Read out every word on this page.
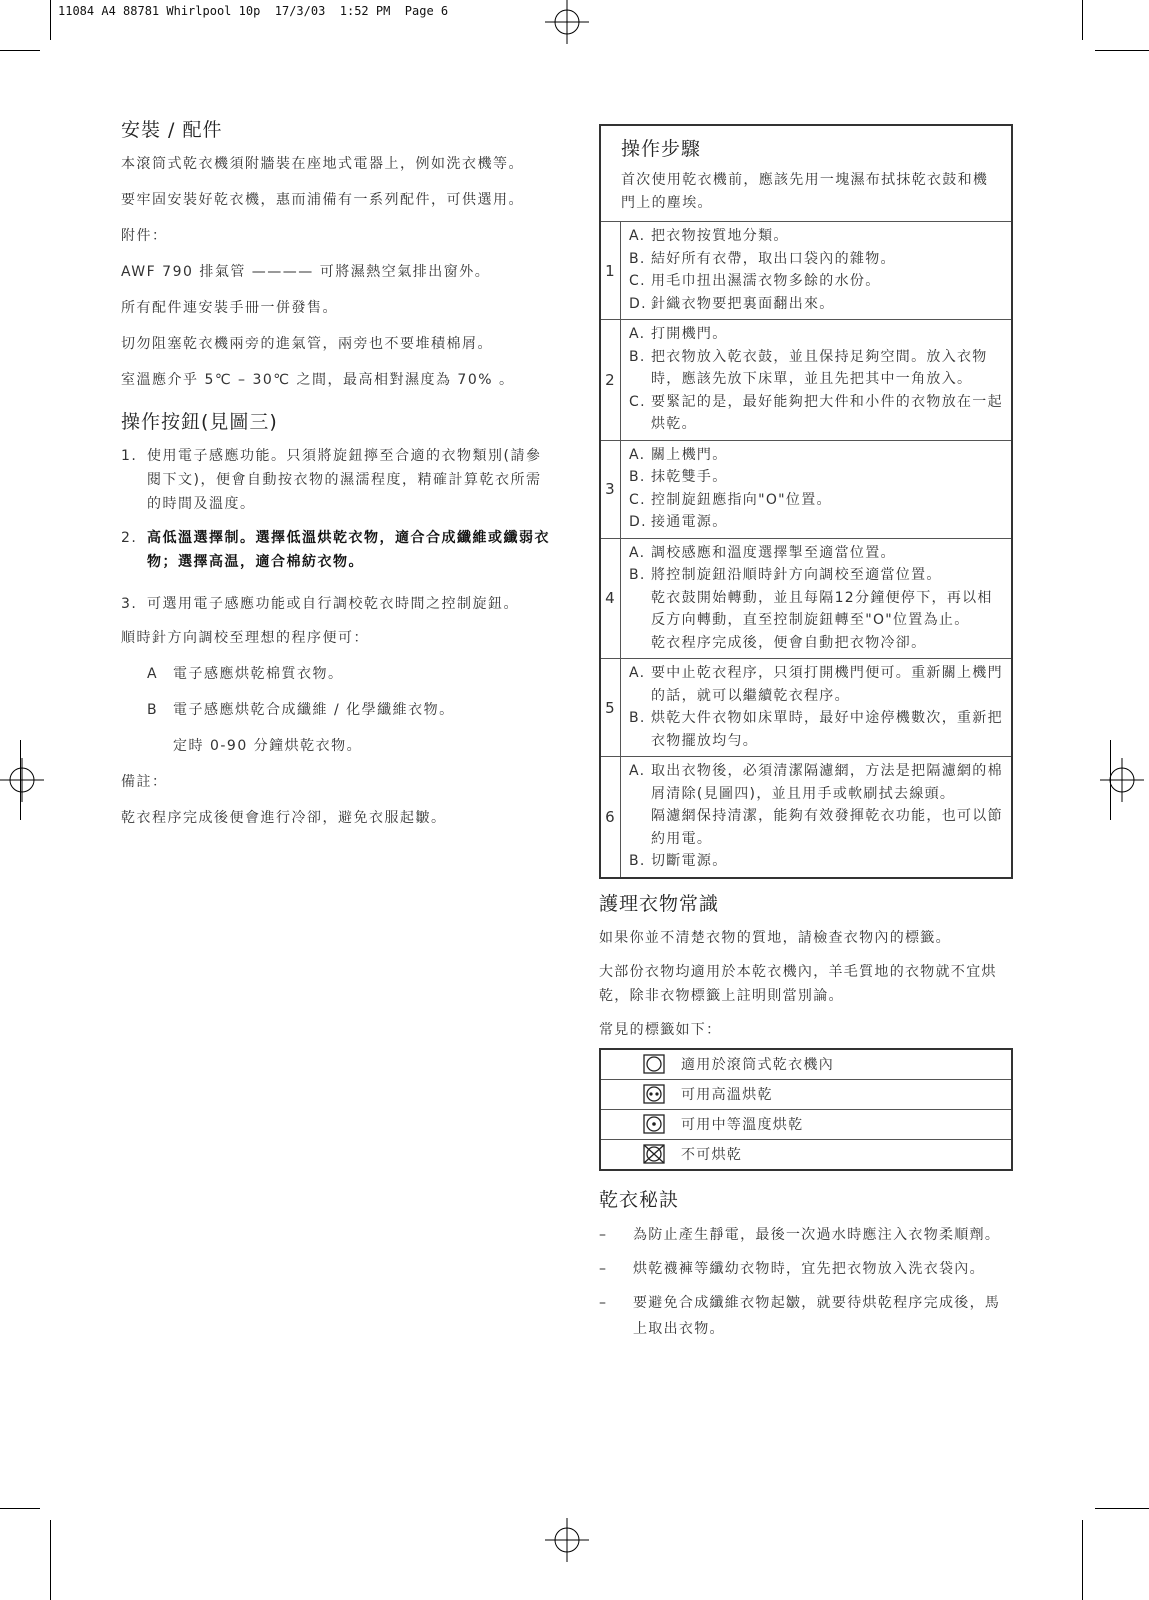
11084 A4 88781 Whirlpool 10p  17/3/03  1:52 PM  Page 6
安裝 / 配件

本滾筒式乾衣機須附牆裝在座地式電器上，例如洗衣機等。

要牢固安裝好乾衣機，惠而浦備有一系列配件，可供選用。

附件：

AWF 790 排氣管 ———— 可將濕熱空氣排出窗外。

所有配件連安裝手冊一併發售。

切勿阻塞乾衣機兩旁的進氣管，兩旁也不要堆積棉屑。

室溫應介乎 5℃ – 30℃ 之間，最高相對濕度為 70% 。

操作按鈕(見圖三)
1. 使用電子感應功能。只須將旋鈕擰至合適的衣物類別(請參閱下文)，便會自動按衣物的濕濡程度，精確計算乾衣所需的時間及溫度。
2. 高低溫選擇制。選擇低溫烘乾衣物，適合合成纖維或纖弱衣物；選擇高温，適合棉紡衣物。
3. 可選用電子感應功能或自行調校乾衣時間之控制旋鈕。

順時針方向調校至理想的程序便可：

A	電子感應烘乾棉質衣物。
B	電子感應烘乾合成纖維 / 化學纖維衣物。

定時 0-90 分鐘烘乾衣物。

備註：

乾衣程序完成後便會進行冷卻，避免衣服起皺。

操作步驟
首次使用乾衣機前，應該先用一塊濕布拭抹乾衣鼓和機門上的塵埃。
1
A. 把衣物按質地分類。
B. 結好所有衣帶，取出口袋內的雜物。
C. 用毛巾扭出濕濡衣物多餘的水份。
D. 針織衣物要把裏面翻出來。
2
A. 打開機門。
B. 把衣物放入乾衣鼓，並且保持足夠空間。放入衣物時，應該先放下床單，並且先把其中一角放入。
C. 要緊記的是，最好能夠把大件和小件的衣物放在一起烘乾。
3
A. 關上機門。
B. 抹乾雙手。
C. 控制旋鈕應指向"O"位置。
D. 接通電源。
4
A. 調校感應和溫度選擇掣至適當位置。
B. 將控制旋鈕沿順時針方向調校至適當位置。
乾衣鼓開始轉動，並且每隔12分鐘便停下，再以相反方向轉動，直至控制旋鈕轉至"O"位置為止。
乾衣程序完成後，便會自動把衣物冷卻。
5
A. 要中止乾衣程序，只須打開機門便可。重新關上機門的話，就可以繼續乾衣程序。
B. 烘乾大件衣物如床單時，最好中途停機數次，重新把衣物擺放均勻。
6
A. 取出衣物後，必須清潔隔濾網，方法是把隔濾網的棉屑清除(見圖四)，並且用手或軟刷拭去線頭。
隔濾網保持清潔，能夠有效發揮乾衣功能，也可以節約用電。
B. 切斷電源。
護理衣物常識

如果你並不清楚衣物的質地，請檢查衣物內的標籤。

大部份衣物均適用於本乾衣機內，羊毛質地的衣物就不宜烘乾，除非衣物標籤上註明則當別論。

常見的標籤如下：

適用於滾筒式乾衣機內
可用高溫烘乾
可用中等溫度烘乾
不可烘乾
乾衣秘訣
–	為防止產生靜電，最後一次過水時應注入衣物柔順劑。
–	烘乾襪褲等纖幼衣物時，宜先把衣物放入洗衣袋內。
–	要避免合成纖維衣物起皺，就要待烘乾程序完成後，馬上取出衣物。
